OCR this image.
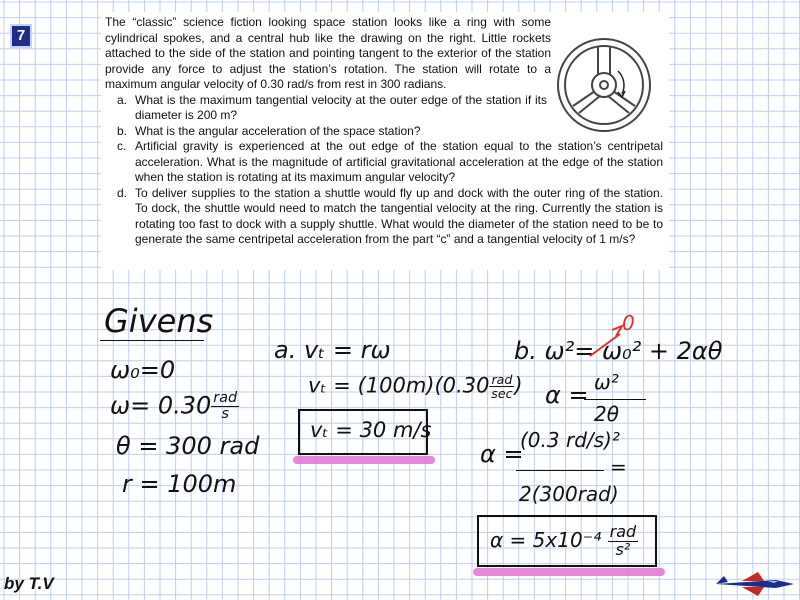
7

The “classic” science fiction looking space station looks like a ring with some cylindrical spokes, and a central hub like the drawing on the right. Little rockets attached to the side of the station and pointing tangent to the exterior of the station provide any force to adjust the station’s rotation. The station will rotate to a maximum angular velocity of 0.30 rad/s from rest in 300 radians.

a. What is the maximum tangential velocity at the outer edge of the station if its diameter is 200 m?
b. What is the angular acceleration of the space station?
c. Artificial gravity is experienced at the out edge of the station equal to the station’s centripetal acceleration. What is the magnitude of artificial gravitational acceleration at the edge of the station when the station is rotating at its maximum angular velocity?
d. To deliver supplies to the station a shuttle would fly up and dock with the outer ring of the station. To dock, the shuttle would need to match the tangential velocity at the ring. Currently the station is rotating too fast to dock with a supply shuttle. What would the diameter of the station need to be to generate the same centripetal acceleration from the part “c” and a tangential velocity of 1 m/s?
Givens
ω₀=0
$\omega= 0.30 \frac{\text{rad}}{s}$
θ = 300 rad
r = 100m
a. vₜ = rω
$v_t = (100m)(0.30 \frac{\text{rad}}{\sec}$ )
vₜ = 30 m/s
b. ω²= ω₀² + 2αθ
0
α = ω²
2θ
α =
(0.3 rd/s)²
=
2(300rad)
$\alpha = 5x10^{-4} \frac{\text{rad}}{\text{s²}}$
by T.V
